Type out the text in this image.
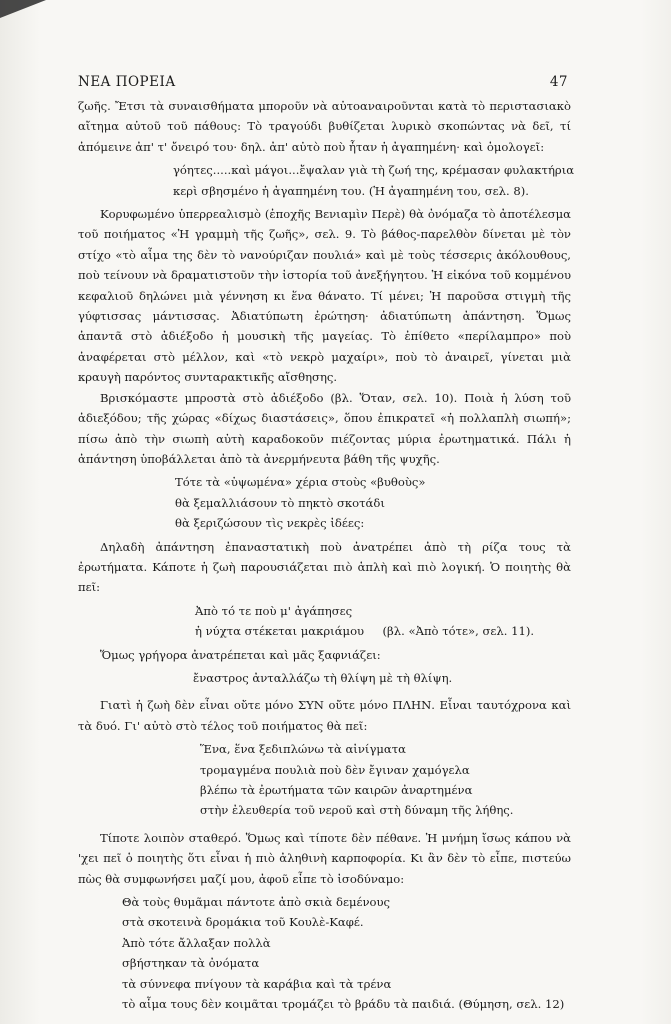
ΝΕΑ ΠΟΡΕΙΑ	47

ζωῆς. Ἔτσι τὰ συναισθήματα μποροῦν νὰ αὐτοαναιροῦνται κατὰ τὸ περιστασιακὸ αἴτημα αὐτοῦ τοῦ πάθους: Τὸ τραγούδι βυθίζεται λυρικὸ σκοπώντας νὰ δεῖ, τί ἀπόμεινε ἀπ' τ' ὄνειρό του· δηλ. ἀπ' αὐτὸ ποὺ ἦταν ἡ ἀγαπημένη· καὶ ὁμολογεῖ:

γόητες.....καὶ μάγοι...ἔψαλαν γιὰ τὴ ζωή της, κρέμασαν φυλακτήρια
κερὶ σβησμένο ἡ ἀγαπημένη του. (Ἡ ἀγαπημένη του, σελ. 8).

Κορυφωμένο ὑπερρεαλισμὸ (ἐποχῆς Βενιαμὶν Περὲ) θὰ ὀνόμαζα τὸ ἀποτέλεσμα τοῦ ποιήματος «Ἡ γραμμὴ τῆς ζωῆς», σελ. 9. Τὸ βάθος-παρελθὸν δίνεται μὲ τὸν στίχο «τὸ αἷμα της δὲν τὸ νανούριζαν πουλιά» καὶ μὲ τοὺς τέσσερις ἀκόλουθους, ποὺ τείνουν νὰ δραματιστοῦν τὴν ἱστορία τοῦ ἀνεξήγητου. Ἡ εἰκόνα τοῦ κομμένου κεφαλιοῦ δηλώνει μιὰ γέννηση κι ἕνα θάνατο. Τί μένει; Ἡ παροῦσα στιγμὴ τῆς γύφτισσας μάντισσας. Ἀδιατύπωτη ἐρώτηση· ἀδιατύπωτη ἀπάντηση. Ὅμως ἀπαντᾶ στὸ ἀδιέξοδο ἡ μουσικὴ τῆς μαγείας. Τὸ ἐπίθετο «περίλαμπρο» ποὺ ἀναφέρεται στὸ μέλλον, καὶ «τὸ νεκρὸ μαχαίρι», ποὺ τὸ ἀναιρεῖ, γίνεται μιὰ κραυγὴ παρόντος συνταρακτικῆς αἴσθησης.

Βρισκόμαστε μπροστὰ στὸ ἀδιέξοδο (βλ. Ὅταν, σελ. 10). Ποιὰ ἡ λύση τοῦ ἀδιεξόδου; τῆς χώρας «δίχως διαστάσεις», ὅπου ἐπικρατεῖ «ἡ πολλαπλὴ σιωπή»; πίσω ἀπὸ τὴν σιωπὴ αὐτὴ καραδοκοῦν πιέζοντας μύρια ἐρωτηματικά. Πάλι ἡ ἀπάντηση ὑποβάλλεται ἀπὸ τὰ ἀνερμήνευτα βάθη τῆς ψυχῆς.

Τότε τὰ «ὑψωμένα» χέρια στοὺς «βυθοὺς»
θὰ ξεμαλλιάσουν τὸ πηκτὸ σκοτάδι
θὰ ξεριζώσουν τὶς νεκρὲς ἰδέες:

Δηλαδὴ ἀπάντηση ἐπαναστατικὴ ποὺ ἀνατρέπει ἀπὸ τὴ ρίζα τους τὰ ἐρωτήματα. Κάποτε ἡ ζωὴ παρουσιάζεται πιὸ ἁπλὴ καὶ πιὸ λογική. Ὁ ποιητὴς θὰ πεῖ:

Ἀπὸ τό τε ποὺ μ' ἀγάπησες
ἡ νύχτα στέκεται μακριάμου     (βλ. «Ἀπὸ τότε», σελ. 11).

Ὅμως γρήγορα ἀνατρέπεται καὶ μᾶς ξαφνιάζει:

ἔναστρος ἀνταλλάζω τὴ θλίψη μὲ τὴ θλίψη.

Γιατὶ ἡ ζωὴ δὲν εἶναι οὔτε μόνο ΣΥΝ οὔτε μόνο ΠΛΗΝ. Εἶναι ταυτόχρονα καὶ τὰ δυό. Γι' αὐτὸ στὸ τέλος τοῦ ποιήματος θὰ πεῖ:

Ἕνα, ἕνα ξεδιπλώνω τὰ αἰνίγματα
τρομαγμένα πουλιὰ ποὺ δὲν ἔγιναν χαμόγελα
βλέπω τὰ ἐρωτήματα τῶν καιρῶν ἀναρτημένα
στὴν ἐλευθερία τοῦ νεροῦ καὶ στὴ δύναμη τῆς λήθης.

Τίποτε λοιπὸν σταθερό. Ὅμως καὶ τίποτε δὲν πέθανε. Ἡ μνήμη ἴσως κάπου νὰ 'χει πεῖ ὁ ποιητὴς ὅτι εἶναι ἡ πιὸ ἀληθινὴ καρποφορία. Κι ἂν δὲν τὸ εἶπε, πιστεύω πὼς θὰ συμφωνήσει μαζί μου, ἀφοῦ εἶπε τὸ ἰσοδύναμο:

Θὰ τοὺς θυμᾶμαι πάντοτε ἀπὸ σκιὰ δεμένους
στὰ σκοτεινὰ δρομάκια τοῦ Κουλὲ-Καφέ.
Ἀπὸ τότε ἄλλαξαν πολλὰ
σβήστηκαν τὰ ὀνόματα
τὰ σύννεφα πνίγουν τὰ καράβια καὶ τὰ τρένα
τὸ αἷμα τους δὲν κοιμᾶται τρομάζει τὸ βράδυ τὰ παιδιά. (Θύμηση, σελ. 12)
